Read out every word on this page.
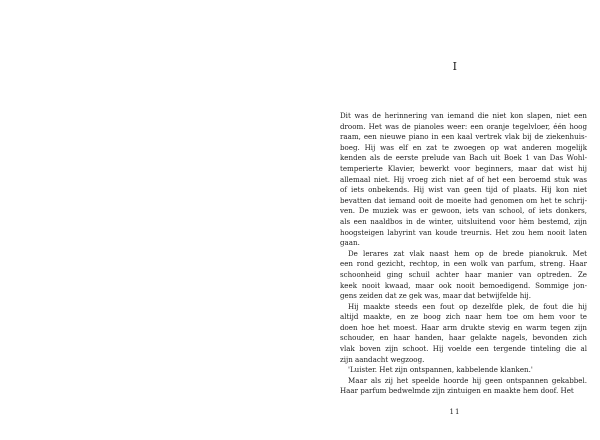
I
Dit was de herinnering van iemand die niet kon slapen, niet een
droom. Het was de pianoles weer: een oranje tegelvloer, één hoog
raam, een nieuwe piano in een kaal vertrek vlak bij de ziekenhuis-
boeg. Hij was elf en zat te zwoegen op wat anderen mogelijk
kenden als de eerste prelude van Bach uit Boek 1 van Das Wohl-
temperierte Klavier, bewerkt voor beginners, maar dat wist hij
allemaal niet. Hij vroeg zich niet af of het een beroemd stuk was
of iets onbekends. Hij wist van geen tijd of plaats. Hij kon niet
bevatten dat iemand ooit de moeite had genomen om het te schrij-
ven. De muziek was er gewoon, iets van school, of iets donkers,
als een naaldbos in de winter, uitsluitend voor hèm bestemd, zijn
hoogsteigen labyrint van koude treurnis. Het zou hem nooit laten
gaan.
De lerares zat vlak naast hem op de brede pianokruk. Met
een rond gezicht, rechtop, in een wolk van parfum, streng. Haar
schoonheid ging schuil achter haar manier van optreden. Ze
keek nooit kwaad, maar ook nooit bemoedigend. Sommige jon-
gens zeiden dat ze gek was, maar dat betwijfelde hij.
Hij maakte steeds een fout op dezelfde plek, de fout die hij
altijd maakte, en ze boog zich naar hem toe om hem voor te
doen hoe het moest. Haar arm drukte stevig en warm tegen zijn
schouder, en haar handen, haar gelakte nagels, bevonden zich
vlak boven zijn schoot. Hij voelde een tergende tinteling die al
zijn aandacht wegzoog.
'Luister. Het zijn ontspannen, kabbelende klanken.'
Maar als zij het speelde hoorde hij geen ontspannen gekabbel.
Haar parfum bedwelmde zijn zintuigen en maakte hem doof. Het
11
